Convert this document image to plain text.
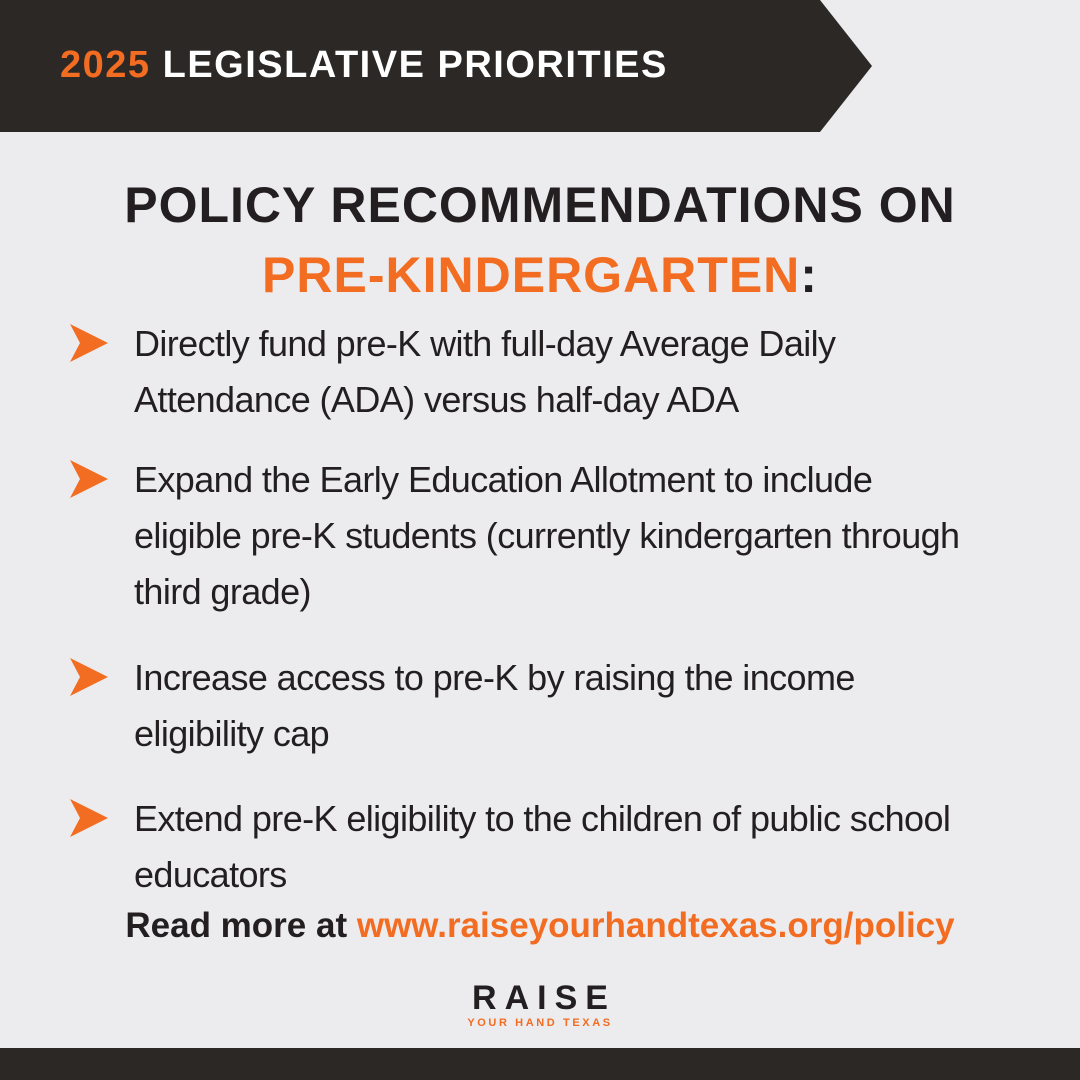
2025 LEGISLATIVE PRIORITIES
POLICY RECOMMENDATIONS ON
PRE-KINDERGARTEN:
Directly fund pre-K with full-day Average Daily Attendance (ADA) versus half-day ADA
Expand the Early Education Allotment to include eligible pre-K students (currently kindergarten through third grade)
Increase access to pre-K by raising the income eligibility cap
Extend pre-K eligibility to the children of public school educators
Read more at www.raiseyourhandtexas.org/policy
RAISE
YOUR HAND TEXAS
